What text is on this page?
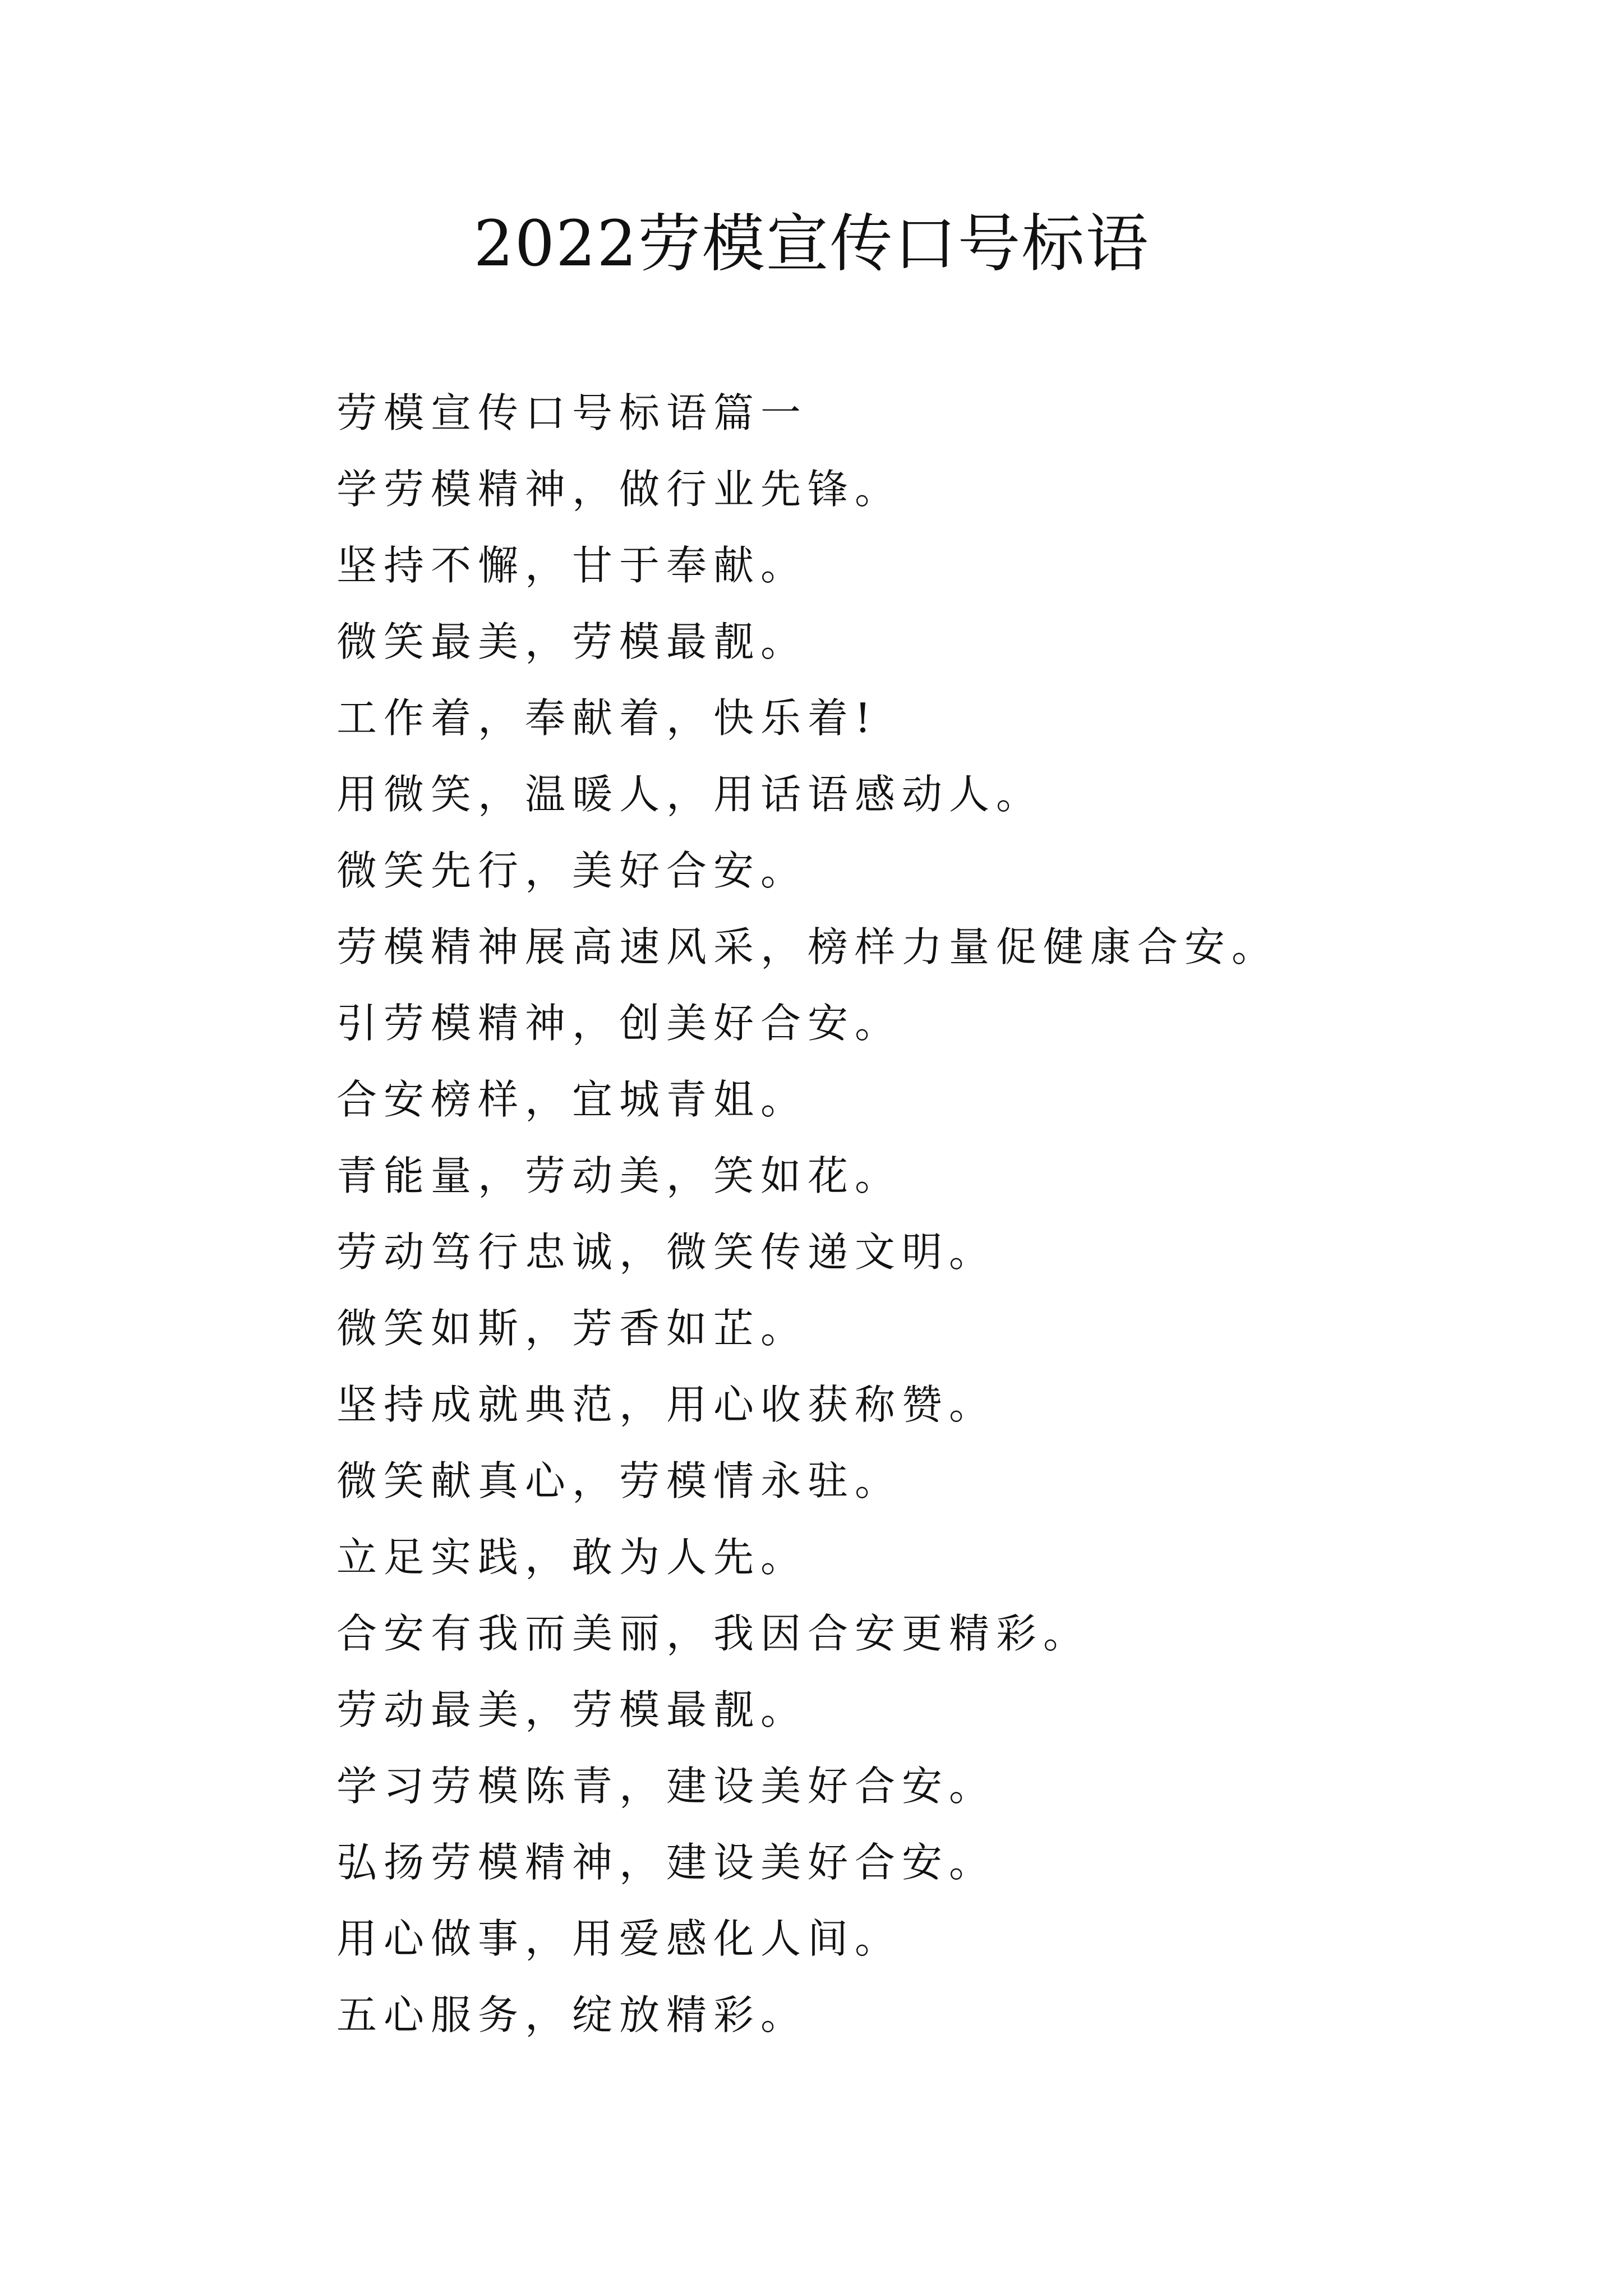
2022劳模宣传口号标语
劳模宣传口号标语篇一
学劳模精神，做行业先锋。
坚持不懈，甘于奉献。
微笑最美，劳模最靓。
工作着，奉献着，快乐着!
用微笑，温暖人，用话语感动人。
微笑先行，美好合安。
劳模精神展高速风采，榜样力量促健康合安。
引劳模精神，创美好合安。
合安榜样，宜城青姐。
青能量，劳动美，笑如花。
劳动笃行忠诚，微笑传递文明。
微笑如斯，芳香如芷。
坚持成就典范，用心收获称赞。
微笑献真心，劳模情永驻。
立足实践，敢为人先。
合安有我而美丽，我因合安更精彩。
劳动最美，劳模最靓。
学习劳模陈青，建设美好合安。
弘扬劳模精神，建设美好合安。
用心做事，用爱感化人间。
五心服务，绽放精彩。
